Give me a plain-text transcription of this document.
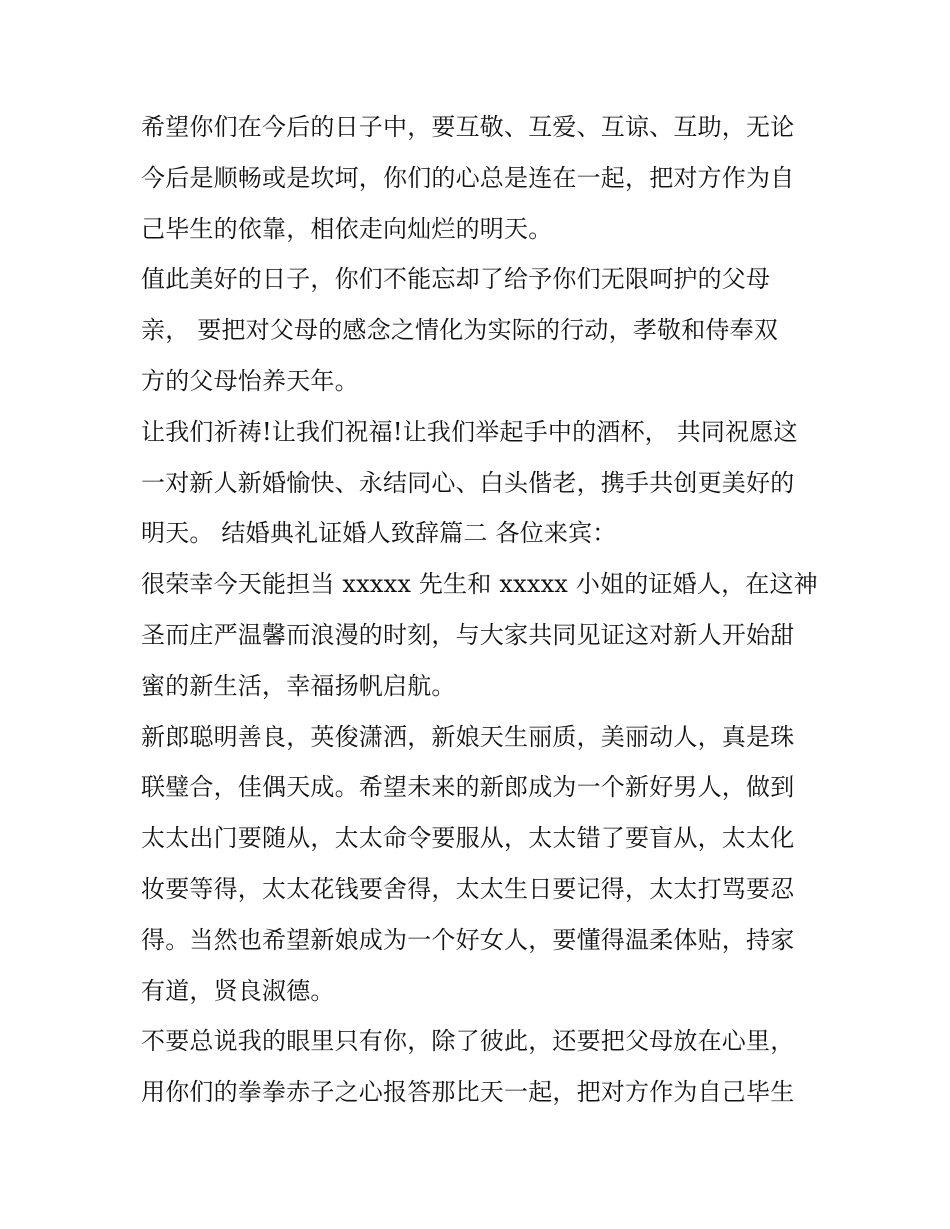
希望你们在今后的日子中，要互敬、互爱、互谅、互助，无论
今后是顺畅或是坎坷，你们的心总是连在一起，把对方作为自
己毕生的依靠，相依走向灿烂的明天。
值此美好的日子，你们不能忘却了给予你们无限呵护的父母
亲， 要把对父母的感念之情化为实际的行动，孝敬和侍奉双
方的父母怡养天年。
让我们祈祷!让我们祝福!让我们举起手中的酒杯， 共同祝愿这
一对新人新婚愉快、永结同心、白头偕老，携手共创更美好的
明天。 结婚典礼证婚人致辞篇二 各位来宾：
很荣幸今天能担当 xxxxx 先生和 xxxxx 小姐的证婚人，在这神
圣而庄严温馨而浪漫的时刻，与大家共同见证这对新人开始甜
蜜的新生活，幸福扬帆启航。
新郎聪明善良，英俊潇洒，新娘天生丽质，美丽动人，真是珠
联璧合，佳偶天成。希望未来的新郎成为一个新好男人，做到
太太出门要随从，太太命令要服从，太太错了要盲从，太太化
妆要等得，太太花钱要舍得，太太生日要记得，太太打骂要忍
得。当然也希望新娘成为一个好女人，要懂得温柔体贴，持家
有道，贤良淑德。
不要总说我的眼里只有你，除了彼此，还要把父母放在心里，
用你们的拳拳赤子之心报答那比天一起，把对方作为自己毕生
